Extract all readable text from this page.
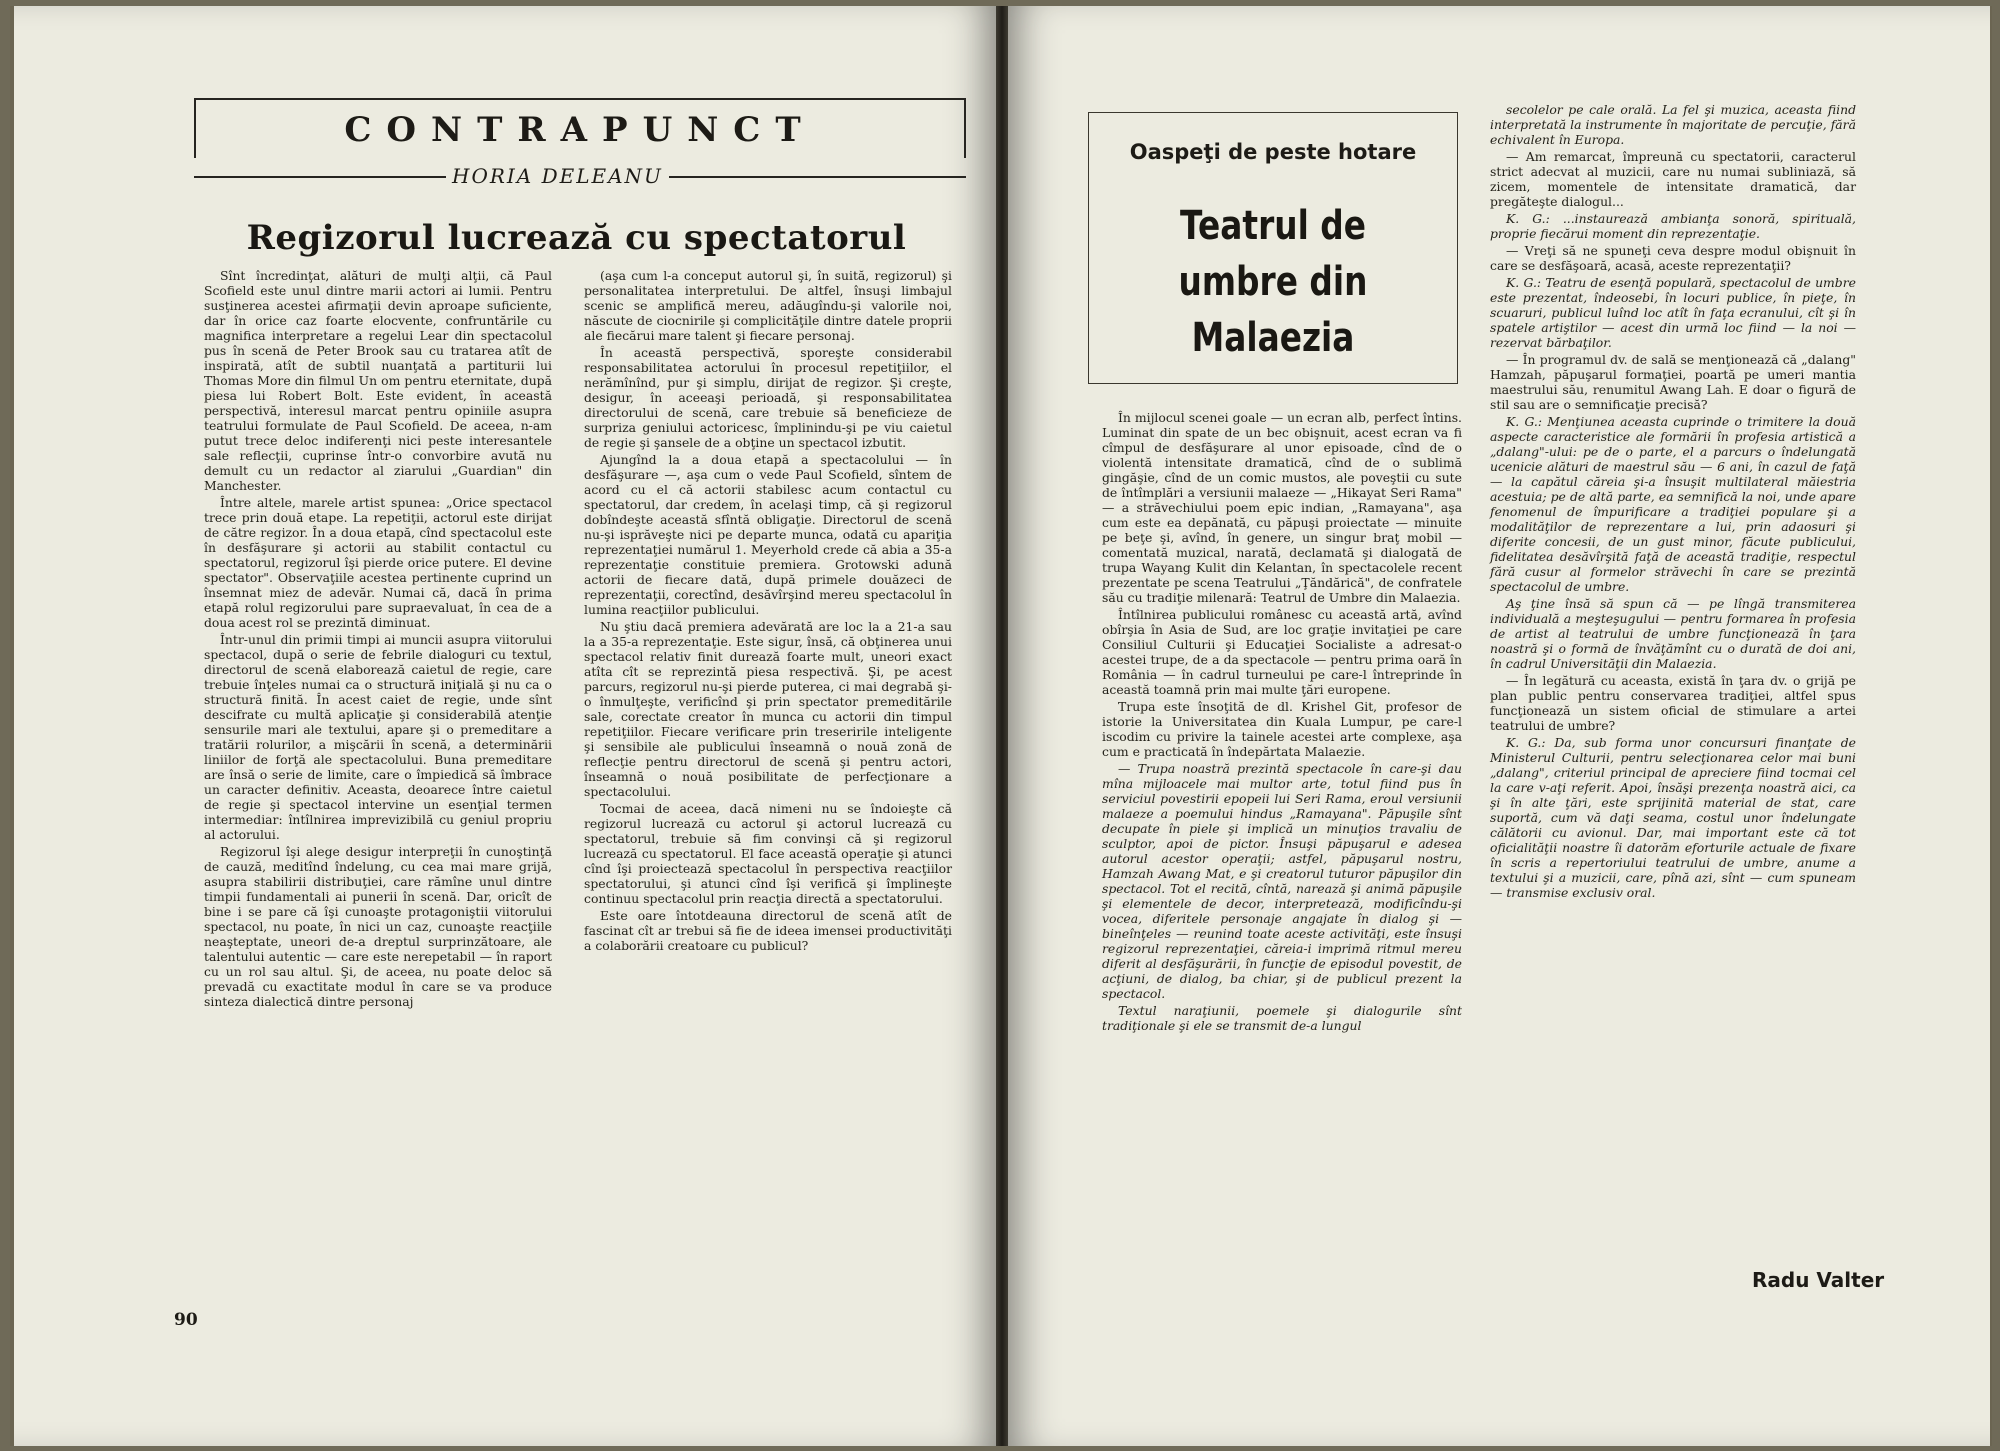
CONTRAPUNCT
HORIA DELEANU
Regizorul lucrează cu spectatorul

Sînt încredinţat, alături de mulţi alţii, că Paul Scofield este unul dintre marii actori ai lumii. Pentru susţinerea acestei afirmaţii devin aproape suficiente, dar în orice caz foarte elocvente, confruntările cu magnifica interpretare a regelui Lear din spectacolul pus în scenă de Peter Brook sau cu tratarea atît de inspirată, atît de subtil nuanţată a partiturii lui Thomas More din filmul Un om pentru eternitate, după piesa lui Robert Bolt. Este evident, în această perspectivă, interesul marcat pentru opiniile asupra teatrului formulate de Paul Scofield. De aceea, n-am putut trece deloc indiferenţi nici peste interesantele sale reflecţii, cuprinse într-o convorbire avută nu demult cu un redactor al ziarului „Guardian" din Manchester.

Între altele, marele artist spunea: „Orice spectacol trece prin două etape. La repetiţii, actorul este dirijat de către regizor. În a doua etapă, cînd spectacolul este în desfăşurare şi actorii au stabilit contactul cu spectatorul, regizorul îşi pierde orice putere. El devine spectator". Observaţiile acestea pertinente cuprind un însemnat miez de adevăr. Numai că, dacă în prima etapă rolul regizorului pare supraevaluat, în cea de a doua acest rol se prezintă diminuat.

Într-unul din primii timpi ai muncii asupra viitorului spectacol, după o serie de febrile dialoguri cu textul, directorul de scenă elaborează caietul de regie, care trebuie înţeles numai ca o structură iniţială şi nu ca o structură finită. În acest caiet de regie, unde sînt descifrate cu multă aplicaţie şi considerabilă atenţie sensurile mari ale textului, apare şi o premeditare a tratării rolurilor, a mişcării în scenă, a determinării liniilor de forţă ale spectacolului. Buna premeditare are însă o serie de limite, care o împiedică să îmbrace un caracter definitiv. Aceasta, deoarece între caietul de regie şi spectacol intervine un esenţial termen intermediar: întîlnirea imprevizibilă cu geniul propriu al actorului.

Regizorul îşi alege desigur interpreţii în cunoştinţă de cauză, meditînd îndelung, cu cea mai mare grijă, asupra stabilirii distribuţiei, care rămîne unul dintre timpii fundamentali ai punerii în scenă. Dar, oricît de bine i se pare că îşi cunoaşte protagoniştii viitorului spectacol, nu poate, în nici un caz, cunoaşte reacţiile neaşteptate, uneori de-a dreptul surprinzătoare, ale talentului autentic — care este nerepetabil — în raport cu un rol sau altul. Şi, de aceea, nu poate deloc să prevadă cu exactitate modul în care se va produce sinteza dialectică dintre personaj

(aşa cum l-a conceput autorul şi, în suită, regizorul) şi personalitatea interpretului. De altfel, însuşi limbajul scenic se amplifică mereu, adăugîndu-şi valorile noi, născute de ciocnirile şi complicităţile dintre datele proprii ale fiecărui mare talent şi fiecare personaj.

În această perspectivă, sporeşte considerabil responsabilitatea actorului în procesul repetiţiilor, el nerămînînd, pur şi simplu, dirijat de regizor. Şi creşte, desigur, în aceeaşi perioadă, şi responsabilitatea directorului de scenă, care trebuie să beneficieze de surpriza geniului actoricesc, împlinindu-şi pe viu caietul de regie şi şansele de a obţine un spectacol izbutit.

Ajungînd la a doua etapă a spectacolului — în desfăşurare —, aşa cum o vede Paul Scofield, sîntem de acord cu el că actorii stabilesc acum contactul cu spectatorul, dar credem, în acelaşi timp, că şi regizorul dobîndeşte această sfîntă obligaţie. Directorul de scenă nu-şi isprăveşte nici pe departe munca, odată cu apariţia reprezentaţiei numărul 1. Meyerhold crede că abia a 35-a reprezentaţie constituie premiera. Grotowski adună actorii de fiecare dată, după primele douăzeci de reprezentaţii, corectînd, desăvîrşind mereu spectacolul în lumina reacţiilor publicului.

Nu ştiu dacă premiera adevărată are loc la a 21-a sau la a 35-a reprezentaţie. Este sigur, însă, că obţinerea unui spectacol relativ finit durează foarte mult, uneori exact atîta cît se reprezintă piesa respectivă. Şi, pe acest parcurs, regizorul nu-şi pierde puterea, ci mai degrabă şi-o înmulţeşte, verificînd şi prin spectator premeditările sale, corectate creator în munca cu actorii din timpul repetiţiilor. Fiecare verificare prin treseririle inteligente şi sensibile ale publicului înseamnă o nouă zonă de reflecţie pentru directorul de scenă şi pentru actori, înseamnă o nouă posibilitate de perfecţionare a spectacolului.

Tocmai de aceea, dacă nimeni nu se îndoieşte că regizorul lucrează cu actorul şi actorul lucrează cu spectatorul, trebuie să fim convinşi că şi regizorul lucrează cu spectatorul. El face această operaţie şi atunci cînd îşi proiectează spectacolul în perspectiva reacţiilor spectatorului, şi atunci cînd îşi verifică şi împlineşte continuu spectacolul prin reacţia directă a spectatorului.

Este oare întotdeauna directorul de scenă atît de fascinat cît ar trebui să fie de ideea imensei productivităţi a colaborării creatoare cu publicul?

90
Oaspeţi de peste hotare
Teatrul de umbre din Malaezia

În mijlocul scenei goale — un ecran alb, perfect întins. Luminat din spate de un bec obişnuit, acest ecran va fi cîmpul de desfăşurare al unor episoade, cînd de o violentă intensitate dramatică, cînd de o sublimă gingăşie, cînd de un comic mustos, ale poveştii cu sute de întîmplări a versiunii malaeze — „Hikayat Seri Rama" — a străvechiului poem epic indian, „Ramayana", aşa cum este ea depănată, cu păpuşi proiectate — minuite pe beţe şi, avînd, în genere, un singur braţ mobil — comentată muzical, narată, declamată şi dialogată de trupa Wayang Kulit din Kelantan, în spectacolele recent prezentate pe scena Teatrului „Ţăndărică", de confratele său cu tradiţie milenară: Teatrul de Umbre din Malaezia.

Întîlnirea publicului românesc cu această artă, avînd obîrşia în Asia de Sud, are loc graţie invitaţiei pe care Consiliul Culturii şi Educaţiei Socialiste a adresat-o acestei trupe, de a da spectacole — pentru prima oară în România — în cadrul turneului pe care-l întreprinde în această toamnă prin mai multe ţări europene.

Trupa este însoţită de dl. Krishel Git, profesor de istorie la Universitatea din Kuala Lumpur, pe care-l iscodim cu privire la tainele acestei arte complexe, aşa cum e practicată în îndepărtata Malaezie.

— Trupa noastră prezintă spectacole în care-şi dau mîna mijloacele mai multor arte, totul fiind pus în serviciul povestirii epopeii lui Seri Rama, eroul versiunii malaeze a poemului hindus „Ramayana". Păpuşile sînt decupate în piele şi implică un minuţios travaliu de sculptor, apoi de pictor. Însuşi păpuşarul e adesea autorul acestor operaţii; astfel, păpuşarul nostru, Hamzah Awang Mat, e şi creatorul tuturor păpuşilor din spectacol. Tot el recită, cîntă, narează şi animă păpuşile şi elementele de decor, interpretează, modificîndu-şi vocea, diferitele personaje angajate în dialog şi — bineînţeles — reunind toate aceste activităţi, este însuşi regizorul reprezentaţiei, căreia-i imprimă ritmul mereu diferit al desfăşurării, în funcţie de episodul povestit, de acţiuni, de dialog, ba chiar, şi de publicul prezent la spectacol.

Textul naraţiunii, poemele şi dialogurile sînt tradiţionale şi ele se transmit de-a lungul

secolelor pe cale orală. La fel şi muzica, aceasta fiind interpretată la instrumente în majoritate de percuţie, fără echivalent în Europa.

— Am remarcat, împreună cu spectatorii, caracterul strict adecvat al muzicii, care nu numai subliniază, să zicem, momentele de intensitate dramatică, dar pregăteşte dialogul...

K. G.: ...instaurează ambianţa sonoră, spirituală, proprie fiecărui moment din reprezentaţie.

— Vreţi să ne spuneţi ceva despre modul obişnuit în care se desfăşoară, acasă, aceste reprezentaţii?

K. G.: Teatru de esenţă populară, spectacolul de umbre este prezentat, îndeosebi, în locuri publice, în pieţe, în scuaruri, publicul luînd loc atît în faţa ecranului, cît şi în spatele artiştilor — acest din urmă loc fiind — la noi — rezervat bărbaţilor.

— În programul dv. de sală se menţionează că „dalang" Hamzah, păpuşarul formaţiei, poartă pe umeri mantia maestrului său, renumitul Awang Lah. E doar o figură de stil sau are o semnificaţie precisă?

K. G.: Menţiunea aceasta cuprinde o trimitere la două aspecte caracteristice ale formării în profesia artistică a „dalang"-ului: pe de o parte, el a parcurs o îndelungată ucenicie alături de maestrul său — 6 ani, în cazul de faţă — la capătul căreia şi-a însuşit multilateral măiestria acestuia; pe de altă parte, ea semnifică la noi, unde apare fenomenul de împurificare a tradiţiei populare şi a modalităţilor de reprezentare a lui, prin adaosuri şi diferite concesii, de un gust minor, făcute publicului, fidelitatea desăvîrşită faţă de această tradiţie, respectul fără cusur al formelor străvechi în care se prezintă spectacolul de umbre.

Aş ţine însă să spun că — pe lîngă transmiterea individuală a meşteşugului — pentru formarea în profesia de artist al teatrului de umbre funcţionează în ţara noastră şi o formă de învăţămînt cu o durată de doi ani, în cadrul Universităţii din Malaezia.

— În legătură cu aceasta, există în ţara dv. o grijă pe plan public pentru conservarea tradiţiei, altfel spus funcţionează un sistem oficial de stimulare a artei teatrului de umbre?

K. G.: Da, sub forma unor concursuri finanţate de Ministerul Culturii, pentru selecţionarea celor mai buni „dalang", criteriul principal de apreciere fiind tocmai cel la care v-aţi referit. Apoi, însăşi prezenţa noastră aici, ca şi în alte ţări, este sprijinită material de stat, care suportă, cum vă daţi seama, costul unor îndelungate călătorii cu avionul. Dar, mai important este că tot oficialităţii noastre îi datorăm eforturile actuale de fixare în scris a repertoriului teatrului de umbre, anume a textului şi a muzicii, care, pînă azi, sînt — cum spuneam — transmise exclusiv oral.

Radu Valter
